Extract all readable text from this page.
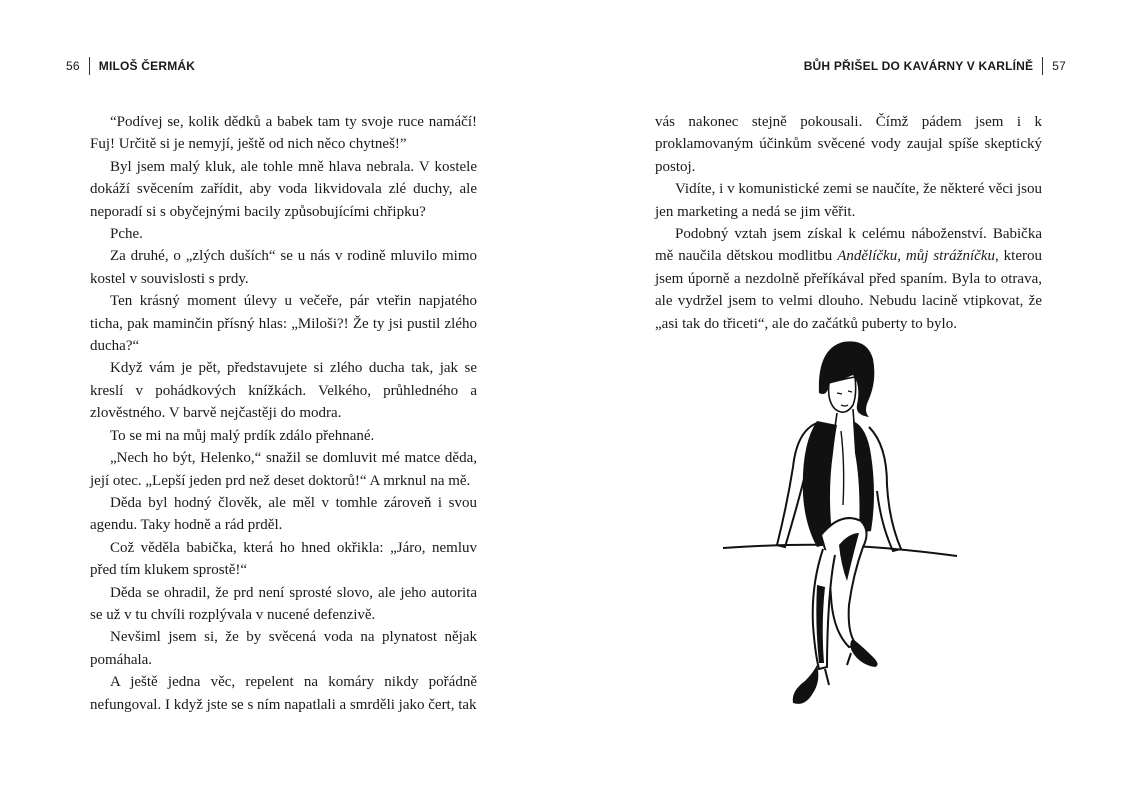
56 MILOŠ ČERMÁK

“Podívej se, kolik dědků a babek tam ty svoje ruce namáčí! Fuj! Určitě si je nemyjí, ještě od nich něco chytneš!”

Byl jsem malý kluk, ale tohle mně hlava nebrala. V kostele dokáží svěcením zařídit, aby voda likvidovala zlé duchy, ale neporadí si s obyčejnými bacily způsobujícími chřipku?

Pche.

Za druhé, o „zlých duších“ se u nás v rodině mluvilo mimo kostel v souvislosti s prdy.

Ten krásný moment úlevy u večeře, pár vteřin napjatého ticha, pak maminčin přísný hlas: „Miloši?! Že ty jsi pustil zlého ducha?“

Když vám je pět, představujete si zlého ducha tak, jak se kreslí v pohádkových knížkách. Velkého, průhledného a zlověstného. V barvě nejčastěji do modra.

To se mi na můj malý prdík zdálo přehnané.

„Nech ho být, Helenko,“ snažil se domluvit mé matce děda, její otec. „Lepší jeden prd než deset doktorů!“ A mrknul na mě.

Děda byl hodný člověk, ale měl v tomhle zároveň i svou agendu. Taky hodně a rád prděl.

Což věděla babička, která ho hned okřikla: „Járo, nemluv před tím klukem sprostě!“

Děda se ohradil, že prd není sprosté slovo, ale jeho autorita se už v tu chvíli rozplývala v nucené defenzivě.

Nevšiml jsem si, že by svěcená voda na plynatost nějak pomáhala.

A ještě jedna věc, repelent na komáry nikdy pořádně nefungoval. I když jste se s ním napatlali a smrděli jako čert, tak

BŮH PŘIŠEL DO KAVÁRNY V KARLÍNĚ 57

vás nakonec stejně pokousali. Čímž pádem jsem i k proklamovaným účinkům svěcené vody zaujal spíše skeptický postoj.

Vidíte, i v komunistické zemi se naučíte, že některé věci jsou jen marketing a nedá se jim věřit.

Podobný vztah jsem získal k celému náboženství. Babička mě naučila dětskou modlitbu Andělíčku, můj strážníčku, kterou jsem úporně a nezdolně přeříkával před spaním. Byla to otrava, ale vydržel jsem to velmi dlouho. Nebudu lacině vtipkovat, že „asi tak do třiceti“, ale do začátků puberty to bylo.
